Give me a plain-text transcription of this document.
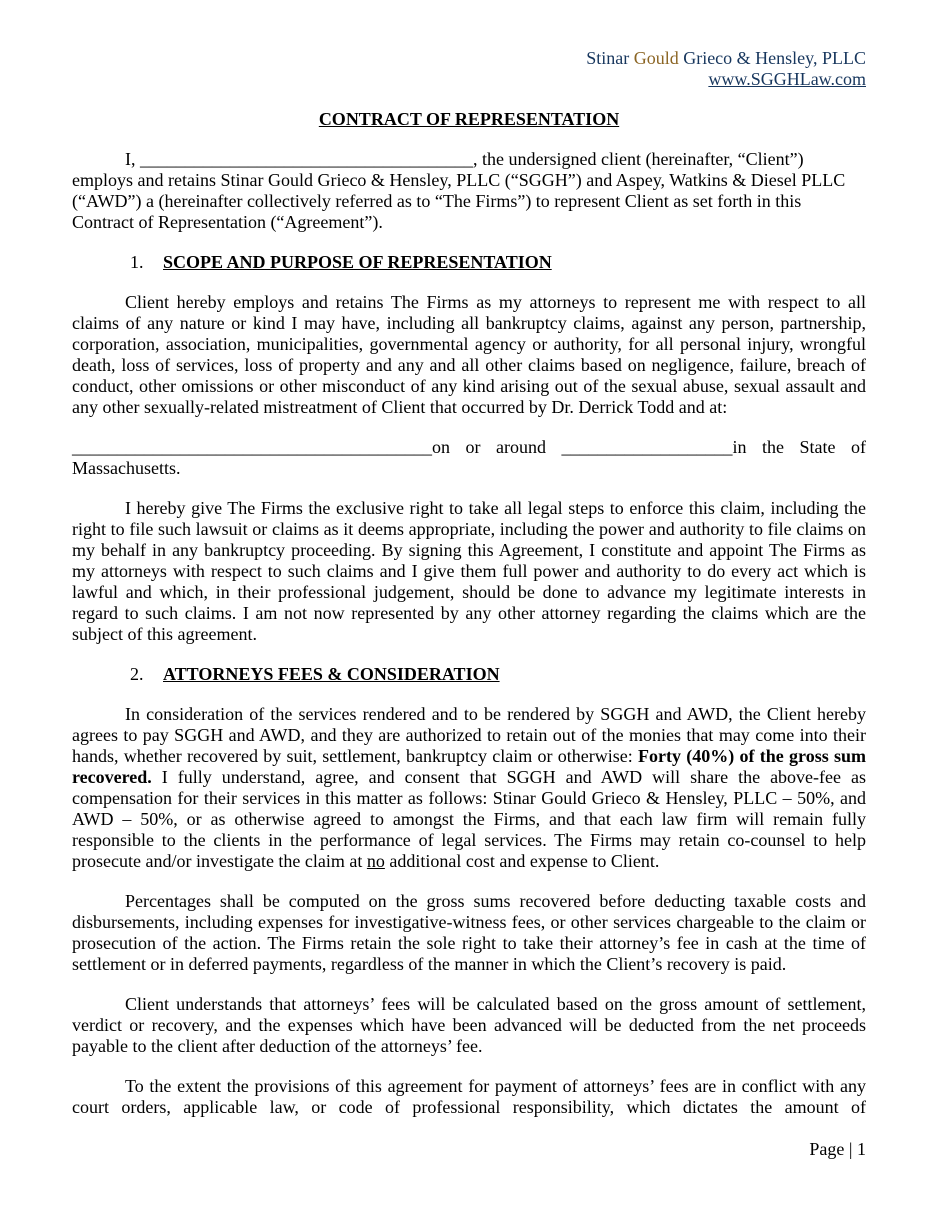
Stinar Gould Grieco & Hensley, PLLC
www.SGGHLaw.com
CONTRACT OF REPRESENTATION

I, _____________________________________, the undersigned client (hereinafter, “Client”) employs and retains Stinar Gould Grieco & Hensley, PLLC (“SGGH”) and Aspey, Watkins & Diesel PLLC (“AWD”) a (hereinafter collectively referred as to “The Firms”) to represent Client as set forth in this Contract of Representation (“Agreement”).

1. SCOPE AND PURPOSE OF REPRESENTATION

Client hereby employs and retains The Firms as my attorneys to represent me with respect to all claims of any nature or kind I may have, including all bankruptcy claims, against any person, partnership, corporation, association, municipalities, governmental agency or authority, for all personal injury, wrongful death, loss of services, loss of property and any and all other claims based on negligence, failure, breach of conduct, other omissions or other misconduct of any kind arising out of the sexual abuse, sexual assault and any other sexually-related mistreatment of Client that occurred by Dr. Derrick Todd and at:

________________________________________on or around ___________________in the State of Massachusetts.

I hereby give The Firms the exclusive right to take all legal steps to enforce this claim, including the right to file such lawsuit or claims as it deems appropriate, including the power and authority to file claims on my behalf in any bankruptcy proceeding. By signing this Agreement, I constitute and appoint The Firms as my attorneys with respect to such claims and I give them full power and authority to do every act which is lawful and which, in their professional judgement, should be done to advance my legitimate interests in regard to such claims. I am not now represented by any other attorney regarding the claims which are the subject of this agreement.

2. ATTORNEYS FEES & CONSIDERATION

In consideration of the services rendered and to be rendered by SGGH and AWD, the Client hereby agrees to pay SGGH and AWD, and they are authorized to retain out of the monies that may come into their hands, whether recovered by suit, settlement, bankruptcy claim or otherwise: Forty (40%) of the gross sum recovered. I fully understand, agree, and consent that SGGH and AWD will share the above-fee as compensation for their services in this matter as follows: Stinar Gould Grieco & Hensley, PLLC – 50%, and AWD – 50%, or as otherwise agreed to amongst the Firms, and that each law firm will remain fully responsible to the clients in the performance of legal services. The Firms may retain co-counsel to help prosecute and/or investigate the claim at no additional cost and expense to Client.

Percentages shall be computed on the gross sums recovered before deducting taxable costs and disbursements, including expenses for investigative-witness fees, or other services chargeable to the claim or prosecution of the action. The Firms retain the sole right to take their attorney’s fee in cash at the time of settlement or in deferred payments, regardless of the manner in which the Client’s recovery is paid.

Client understands that attorneys’ fees will be calculated based on the gross amount of settlement, verdict or recovery, and the expenses which have been advanced will be deducted from the net proceeds payable to the client after deduction of the attorneys’ fee.

To the extent the provisions of this agreement for payment of attorneys’ fees are in conflict with any court orders, applicable law, or code of professional responsibility, which dictates the amount of

Page | 1
